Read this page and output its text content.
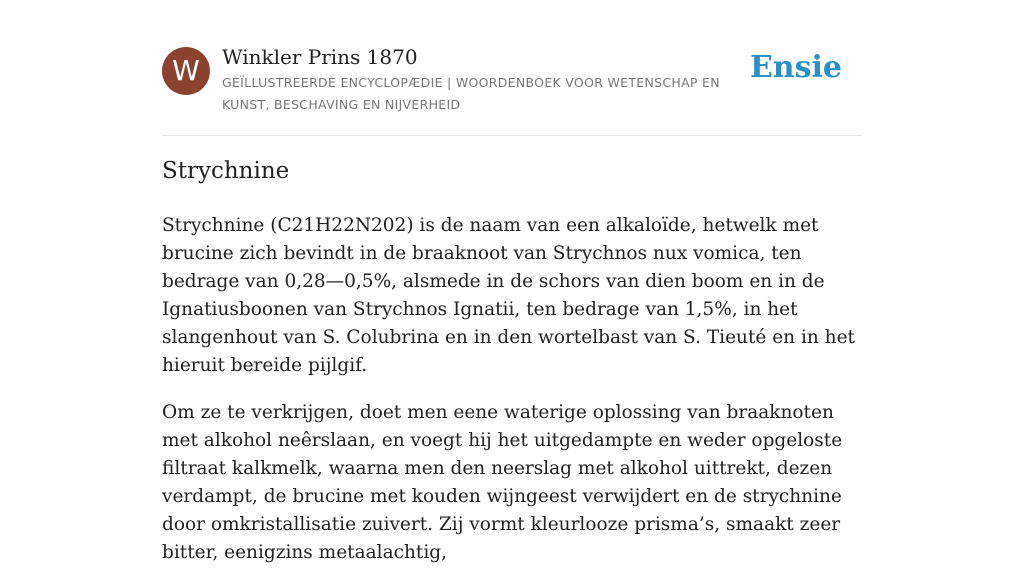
W	Winkler Prins 1870
GEÏLLUSTREERDE ENCYCLOPÆDIE | WOORDENBOEK VOOR WETENSCHAP EN KUNST, BESCHAVING EN NIJVERHEID
Ensie
Strychnine

Strychnine (C21H22N202) is de naam van een alkaloïde, hetwelk met brucine zich bevindt in de braaknoot van Strychnos nux vomica, ten bedrage van 0,28—0,5%, alsmede in de schors van dien boom en in de Ignatiusboonen van Strychnos Ignatii, ten bedrage van 1,5%, in het slangenhout van S. Colubrina en in den wortelbast van S. Tieuté en in het hieruit bereide pijlgif.

Om ze te verkrijgen, doet men eene waterige oplossing van braaknoten met alkohol neêrslaan, en voegt hij het uitgedampte en weder opgeloste filtraat kalkmelk, waarna men den neerslag met alkohol uittrekt, dezen verdampt, de brucine met kouden wijngeest verwijdert en de strychnine door omkristallisatie zuivert. Zij vormt kleurlooze prisma’s, smaakt zeer bitter, eenigzins metaalachtig,
